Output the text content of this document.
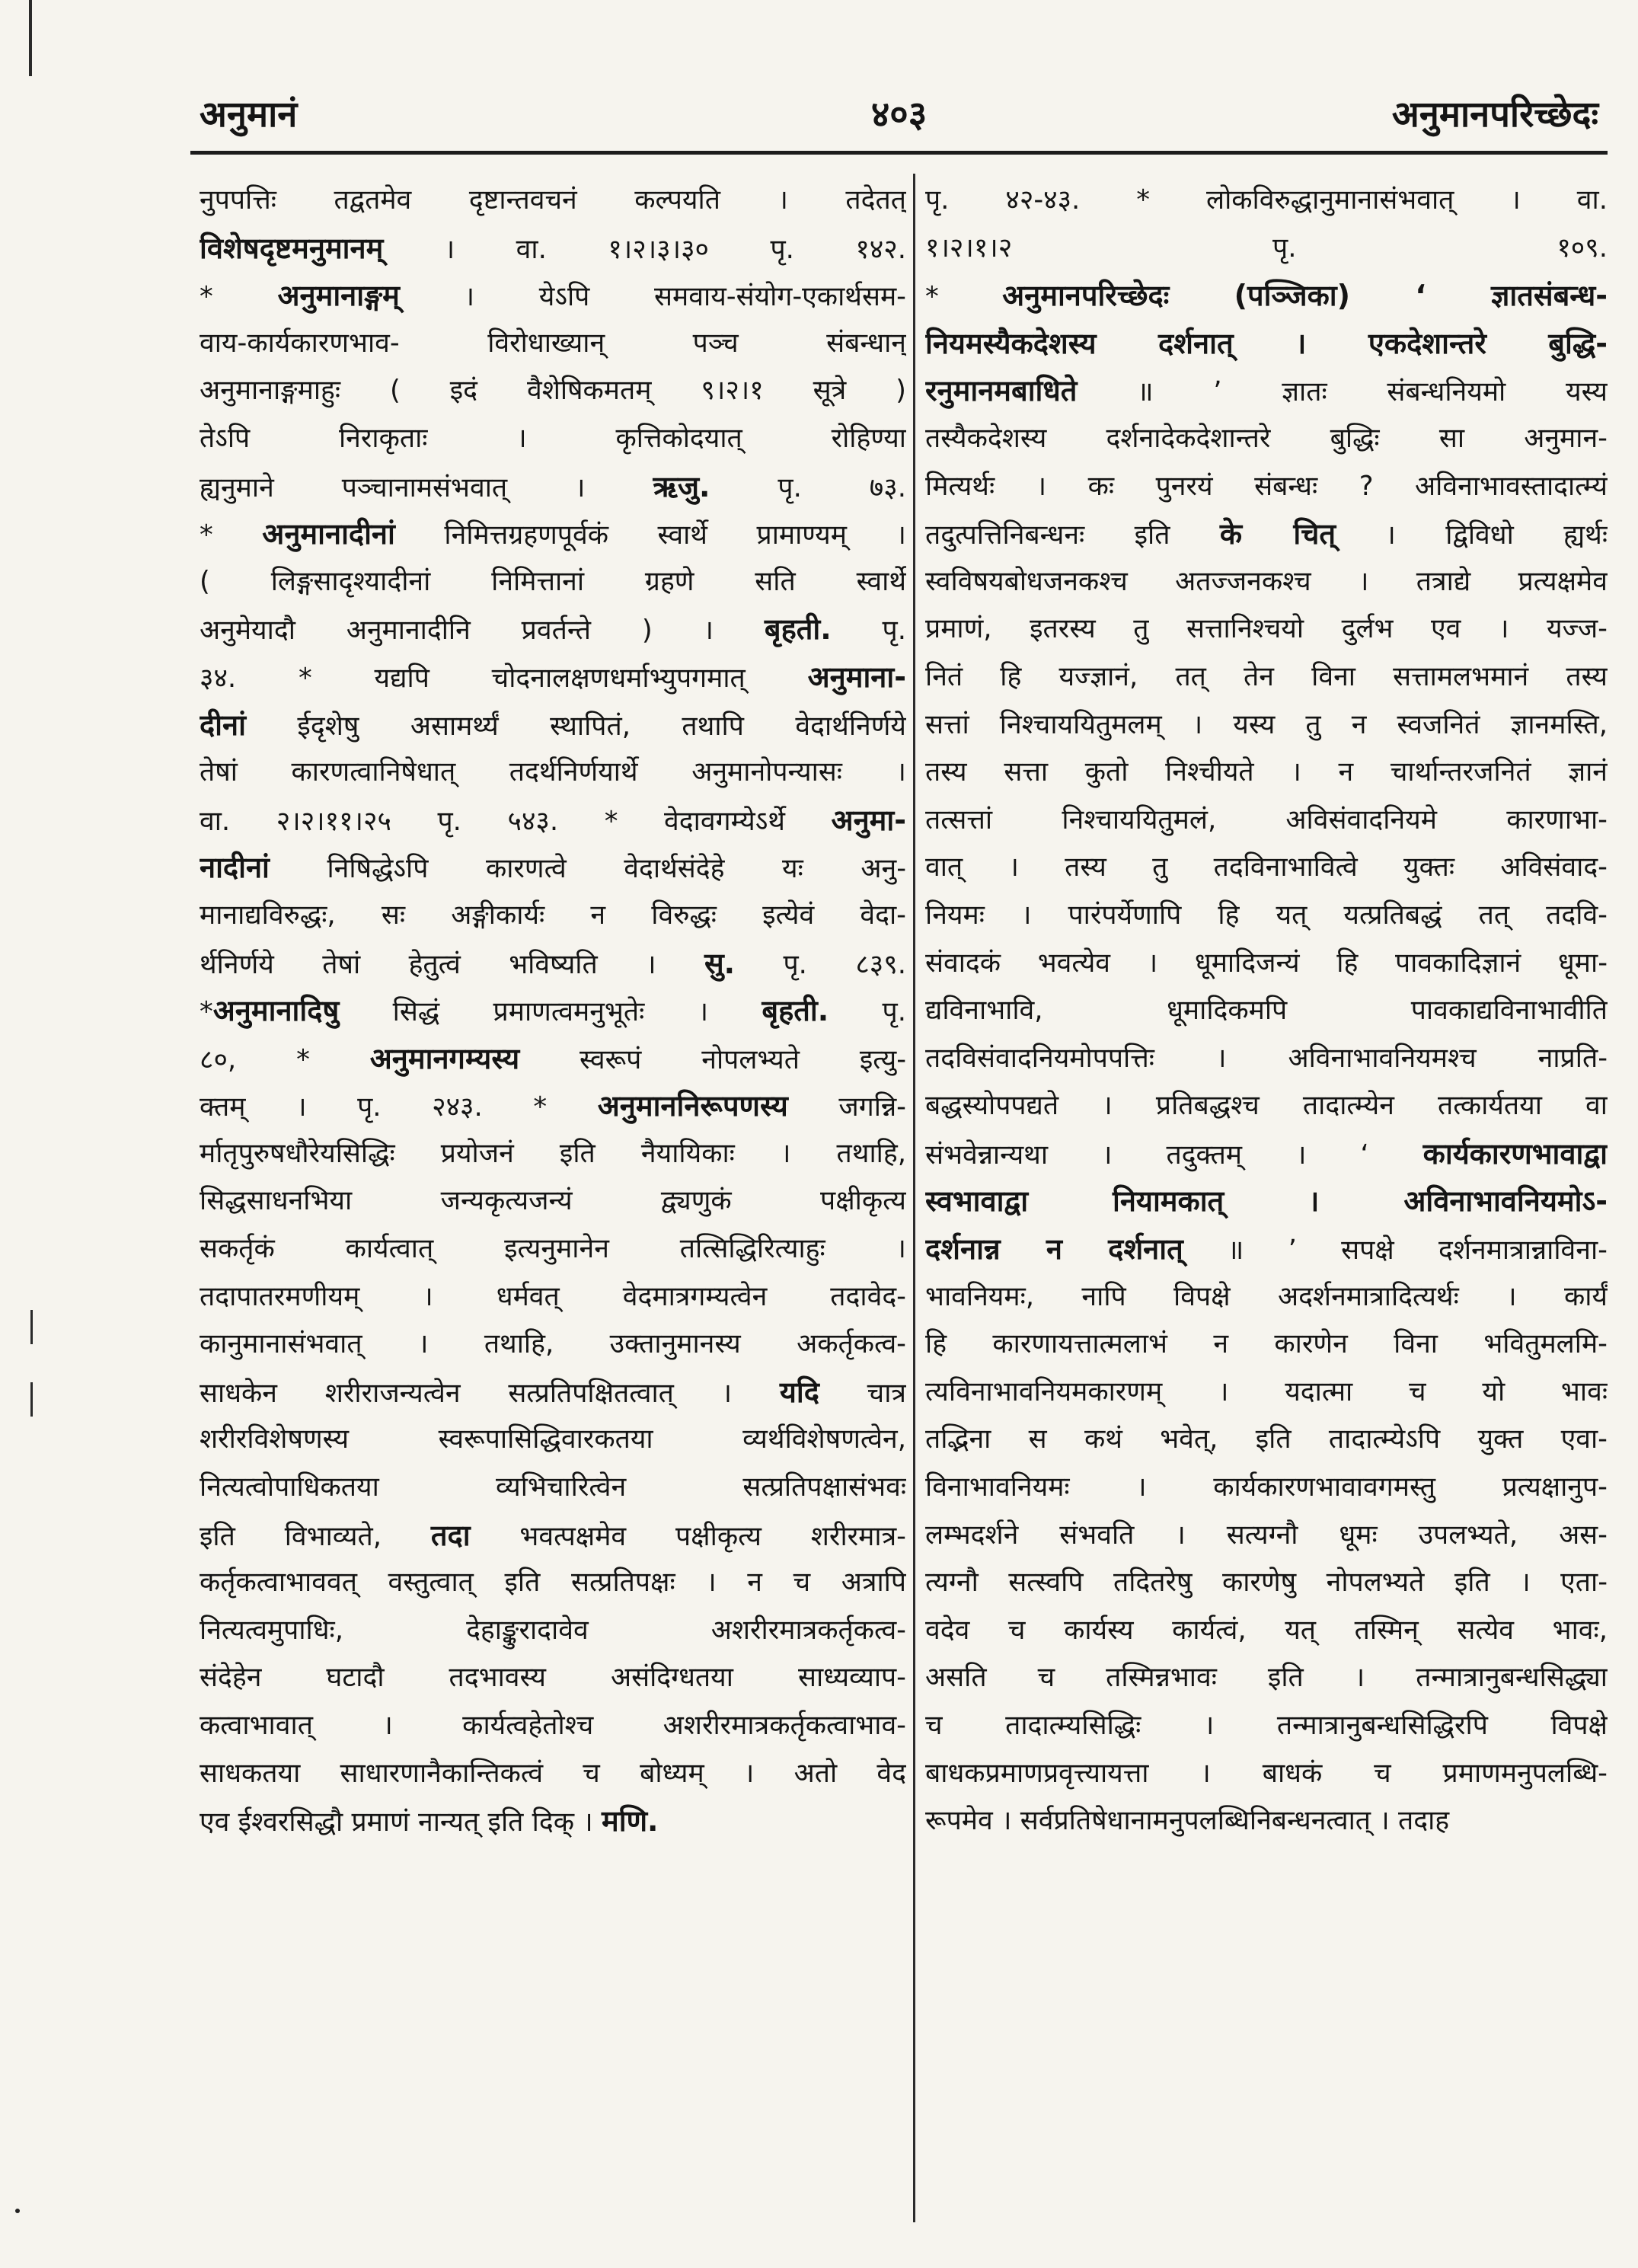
अनुमानं	४०३	अनुमानपरिच्छेदः
नुपपत्तिः तद्वतमेव दृष्टान्तवचनं कल्पयति । तदेतत्
विशेषदृष्टमनुमानम् । वा. १।२।३।३० पृ. १४२.
* अनुमानाङ्गम् । येऽपि समवाय-संयोग-एकार्थसम-
वाय-कार्यकारणभाव- विरोधाख्यान् पञ्च संबन्धान्
अनुमानाङ्गमाहुः ( इदं वैशेषिकमतम् ९।२।१ सूत्रे )
तेऽपि निराकृताः । कृत्तिकोदयात् रोहिण्या
ह्यनुमाने पञ्चानामसंभवात् । ऋजु. पृ. ७३.
* अनुमानादीनां निमित्तग्रहणपूर्वकं स्वार्थे प्रामाण्यम् ।
( लिङ्गसादृश्यादीनां निमित्तानां ग्रहणे सति स्वार्थे
अनुमेयादौ अनुमानादीनि प्रवर्तन्ते ) । बृहती. पृ.
३४. * यद्यपि चोदनालक्षणधर्माभ्युपगमात् अनुमाना-
दीनां ईदृशेषु असामर्थ्यं स्थापितं, तथापि वेदार्थनिर्णये
तेषां कारणत्वानिषेधात् तदर्थनिर्णयार्थे अनुमानोपन्यासः ।
वा. २।२।११।२५ पृ. ५४३. * वेदावगम्येऽर्थे अनुमा-
नादीनां निषिद्धेऽपि कारणत्वे वेदार्थसंदेहे यः अनु-
मानाद्यविरुद्धः, सः अङ्गीकार्यः न विरुद्धः इत्येवं वेदा-
र्थनिर्णये तेषां हेतुत्वं भविष्यति । सु. पृ. ८३९.
*अनुमानादिषु सिद्धं प्रमाणत्वमनुभूतेः । बृहती. पृ.
८०, * अनुमानगम्यस्य स्वरूपं नोपलभ्यते इत्यु-
क्तम् । पृ. २४३. * अनुमाननिरूपणस्य जगन्नि-
र्मातृपुरुषधौरेयसिद्धिः प्रयोजनं इति नैयायिकाः । तथाहि,
सिद्धसाधनभिया जन्यकृत्यजन्यं द्व्यणुकं पक्षीकृत्य
सकर्तृकं कार्यत्वात् इत्यनुमानेन तत्सिद्धिरित्याहुः ।
तदापातरमणीयम् । धर्मवत् वेदमात्रगम्यत्वेन तदावेद-
कानुमानासंभवात् । तथाहि, उक्तानुमानस्य अकर्तृकत्व-
साधकेन शरीराजन्यत्वेन सत्प्रतिपक्षितत्वात् । यदि चात्र
शरीरविशेषणस्य स्वरूपासिद्धिवारकतया व्यर्थविशेषणत्वेन,
नित्यत्वोपाधिकतया व्यभिचारित्वेन सत्प्रतिपक्षासंभवः
इति विभाव्यते, तदा भवत्पक्षमेव पक्षीकृत्य शरीरमात्र-
कर्तृकत्वाभाववत् वस्तुत्वात् इति सत्प्रतिपक्षः । न च अत्रापि
नित्यत्वमुपाधिः, देहाङ्कुरादावेव अशरीरमात्रकर्तृकत्व-
संदेहेन घटादौ तदभावस्य असंदिग्धतया साध्यव्याप-
कत्वाभावात् । कार्यत्वहेतोश्च अशरीरमात्रकर्तृकत्वाभाव-
साधकतया साधारणानैकान्तिकत्वं च बोध्यम् । अतो वेद
एव ईश्वरसिद्धौ प्रमाणं नान्यत् इति दिक् । मणि.
पृ. ४२-४३. * लोकविरुद्धानुमानासंभवात् । वा.
१।२।१।२ पृ. १०९.
* अनुमानपरिच्छेदः (पञ्जिका) ‘ ज्ञातसंबन्ध-
नियमस्यैकदेशस्य दर्शनात् । एकदेशान्तरे बुद्धि-
रनुमानमबाधिते ॥ ’ ज्ञातः संबन्धनियमो यस्य
तस्यैकदेशस्य दर्शनादेकदेशान्तरे बुद्धिः सा अनुमान-
मित्यर्थः । कः पुनरयं संबन्धः ? अविनाभावस्तादात्म्यं
तदुत्पत्तिनिबन्धनः इति के चित् । द्विविधो ह्यर्थः
स्वविषयबोधजनकश्च अतज्जनकश्च । तत्राद्ये प्रत्यक्षमेव
प्रमाणं, इतरस्य तु सत्तानिश्चयो दुर्लभ एव । यज्ज-
नितं हि यज्ज्ञानं, तत् तेन विना सत्तामलभमानं तस्य
सत्तां निश्चाययितुमलम् । यस्य तु न स्वजनितं ज्ञानमस्ति,
तस्य सत्ता कुतो निश्चीयते । न चार्थान्तरजनितं ज्ञानं
तत्सत्तां निश्चाययितुमलं, अविसंवादनियमे कारणाभा-
वात् । तस्य तु तदविनाभावित्वे युक्तः अविसंवाद-
नियमः । पारंपर्येणापि हि यत् यत्प्रतिबद्धं तत् तदवि-
संवादकं भवत्येव । धूमादिजन्यं हि पावकादिज्ञानं धूमा-
द्यविनाभावि, धूमादिकमपि पावकाद्यविनाभावीति
तदविसंवादनियमोपपत्तिः । अविनाभावनियमश्च नाप्रति-
बद्धस्योपपद्यते । प्रतिबद्धश्च तादात्म्येन तत्कार्यतया वा
संभवेन्नान्यथा । तदुक्तम् । ‘ कार्यकारणभावाद्वा
स्वभावाद्वा नियामकात् । अविनाभावनियमोऽ-
दर्शनान्न न दर्शनात् ॥ ’ सपक्षे दर्शनमात्रान्नाविना-
भावनियमः, नापि विपक्षे अदर्शनमात्रादित्यर्थः । कार्यं
हि कारणायत्तात्मलाभं न कारणेन विना भवितुमलमि-
त्यविनाभावनियमकारणम् । यदात्मा च यो भावः
तद्भिना स कथं भवेत्, इति तादात्म्येऽपि युक्त एवा-
विनाभावनियमः । कार्यकारणभावावगमस्तु प्रत्यक्षानुप-
लम्भदर्शने संभवति । सत्यग्नौ धूमः उपलभ्यते, अस-
त्यग्नौ सत्स्वपि तदितरेषु कारणेषु नोपलभ्यते इति । एता-
वदेव च कार्यस्य कार्यत्वं, यत् तस्मिन् सत्येव भावः,
असति च तस्मिन्नभावः इति । तन्मात्रानुबन्धसिद्ध्या
च तादात्म्यसिद्धिः । तन्मात्रानुबन्धसिद्धिरपि विपक्षे
बाधकप्रमाणप्रवृत्त्यायत्ता । बाधकं च प्रमाणमनुपलब्धि-
रूपमेव । सर्वप्रतिषेधानामनुपलब्धिनिबन्धनत्वात् । तदाह
